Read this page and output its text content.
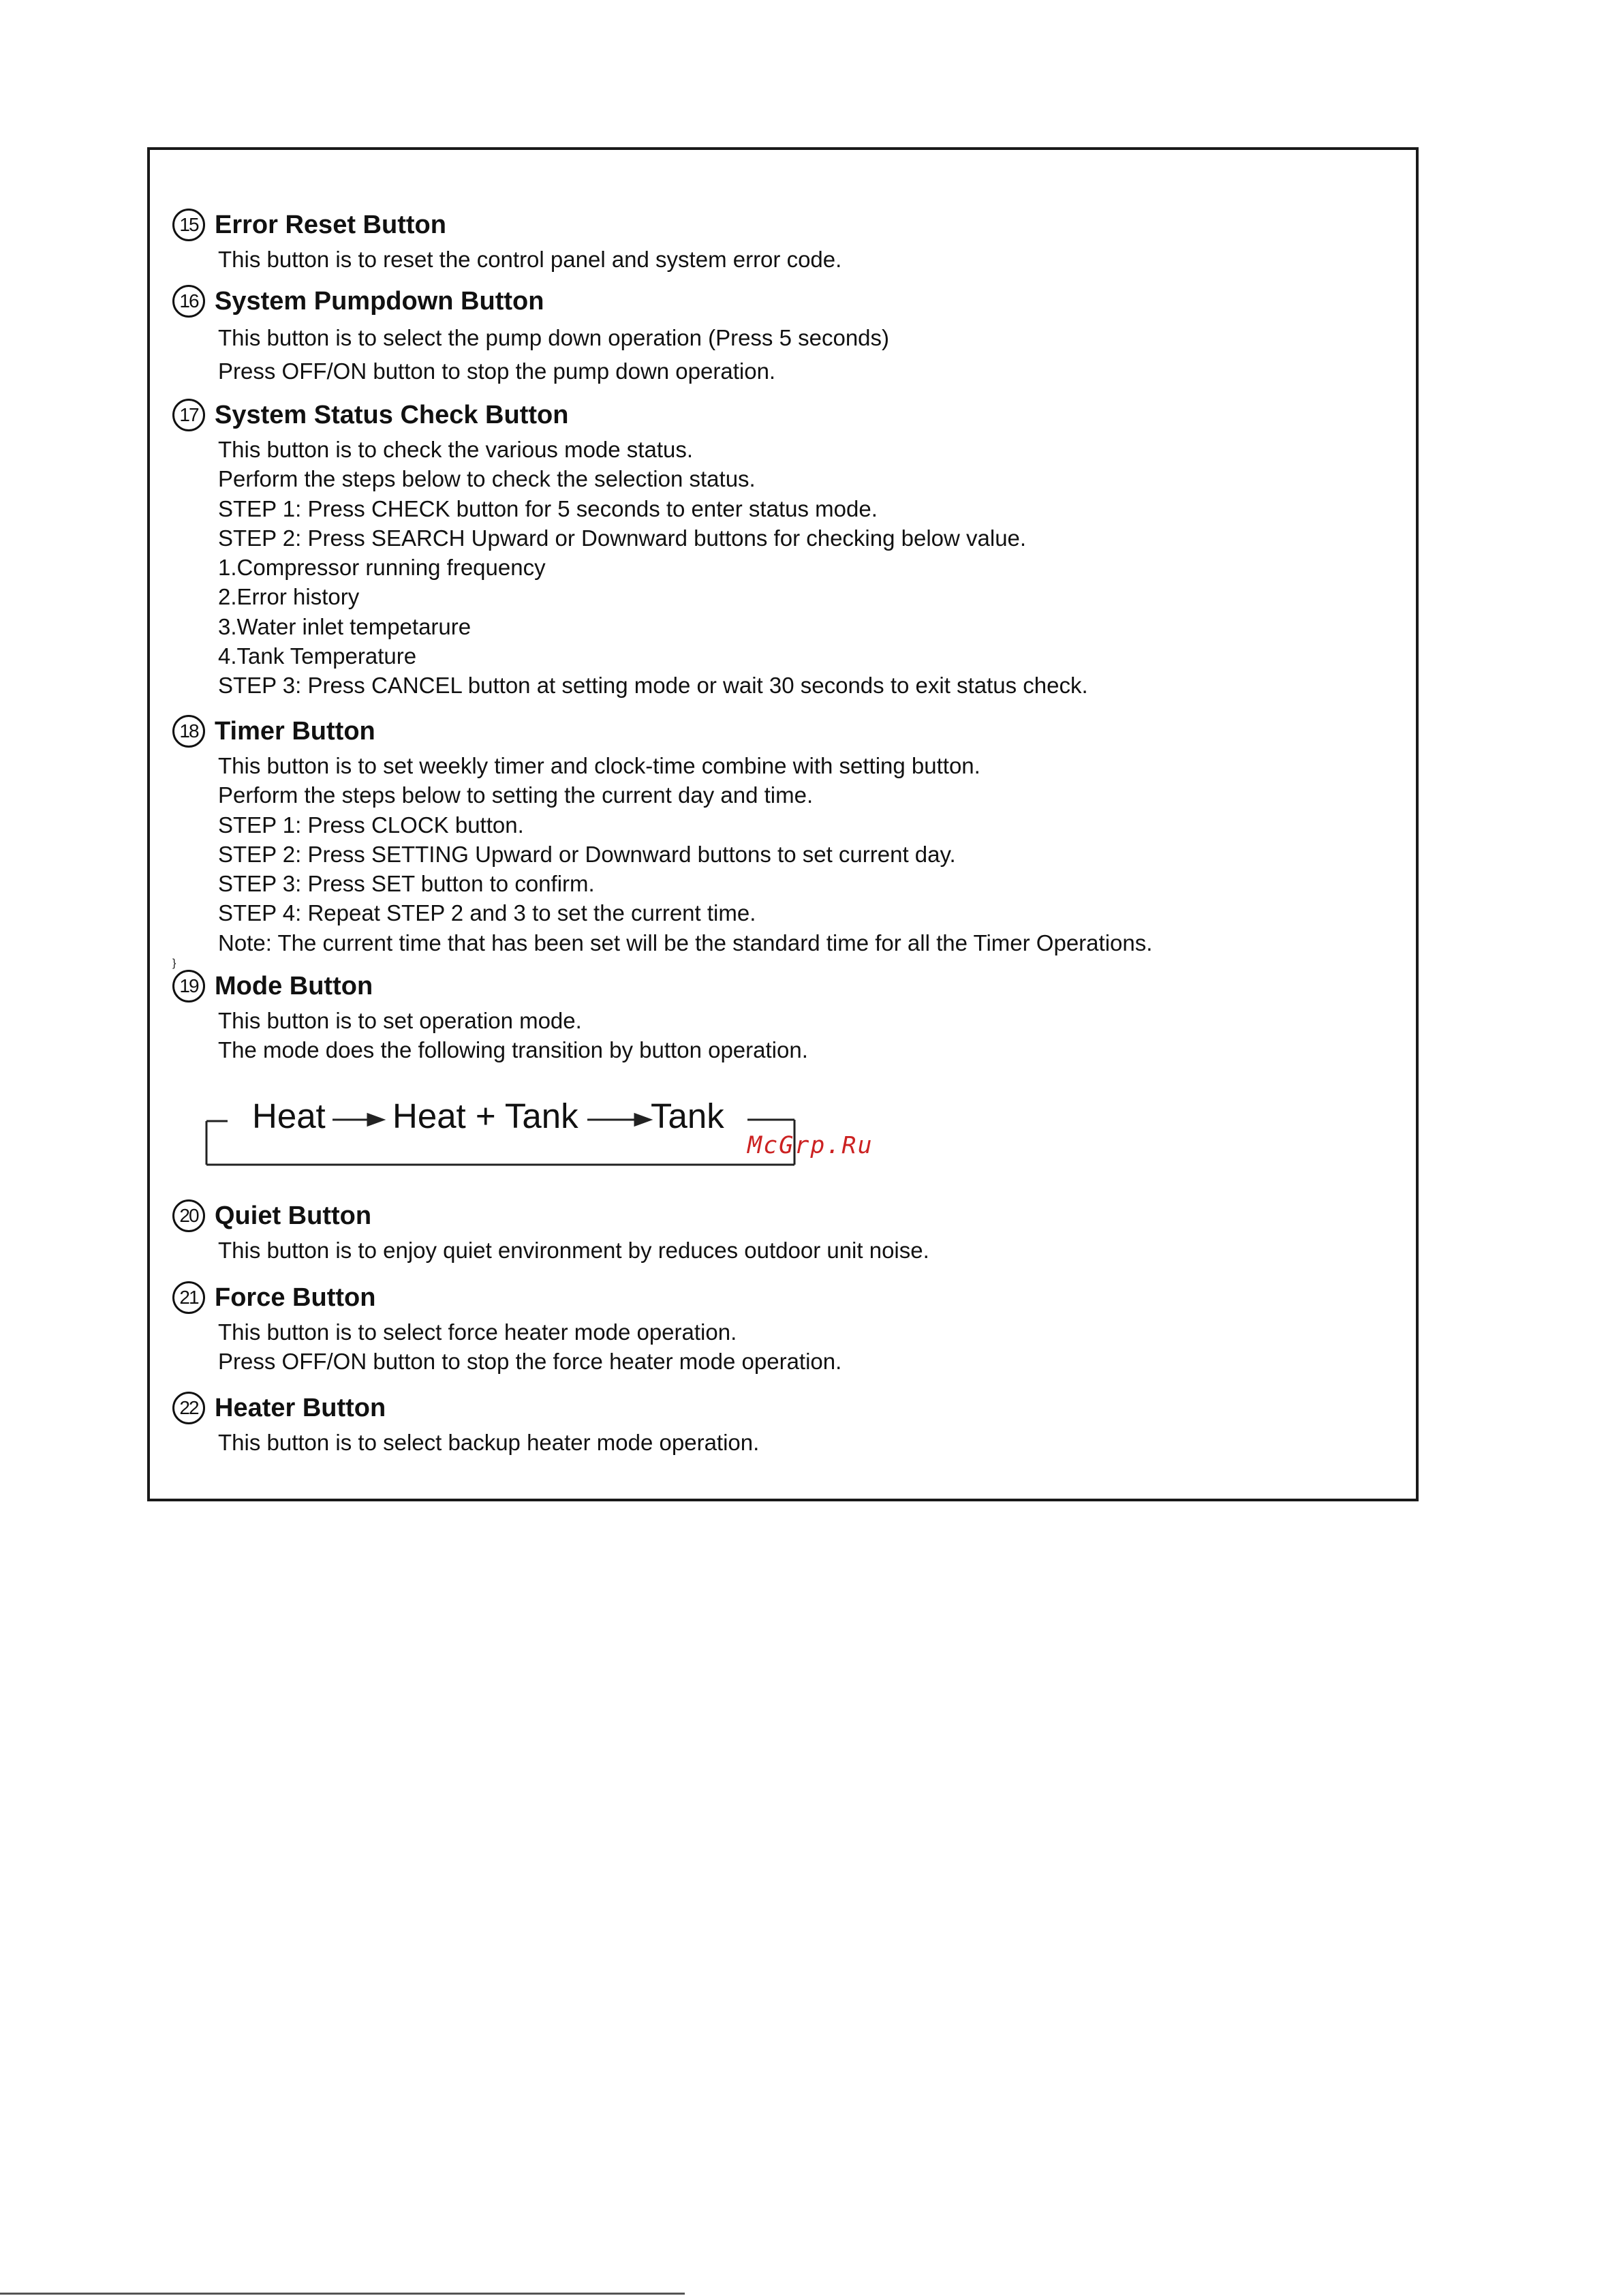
15 Error Reset Button
This button is to reset the control panel and system error code.
16 System Pumpdown Button
This button is to select the pump down operation (Press 5 seconds)
Press OFF/ON button to stop the pump down operation.
17 System Status Check Button
This button is to check the various mode status.
Perform the steps below to check the selection status.
STEP 1: Press CHECK button for 5 seconds to enter status mode.
STEP 2: Press SEARCH Upward or Downward buttons for checking below value.
1.Compressor running frequency
2.Error history
3.Water inlet tempetarure
4.Tank Temperature
STEP 3: Press CANCEL button at setting mode or wait 30 seconds to exit status check.
18 Timer Button
This button is to set weekly timer and clock-time combine with setting button.
Perform the steps below to setting the current day and time.
STEP 1: Press CLOCK button.
STEP 2: Press SETTING Upward or Downward buttons to set current day.
STEP 3: Press SET button to confirm.
STEP 4: Repeat STEP 2 and 3 to set the current time.
Note: The current time that has been set will be the standard time for all the Timer Operations.
}
19 Mode Button
This button is to set operation mode.
The mode does the following transition by button operation.
Heat Heat + Tank Tank
McGrp.Ru
20 Quiet Button
This button is to enjoy quiet environment by reduces outdoor unit noise.
21 Force Button
This button is to select force heater mode operation.
Press OFF/ON button to stop the force heater mode operation.
22 Heater Button
This button is to select backup heater mode operation.
